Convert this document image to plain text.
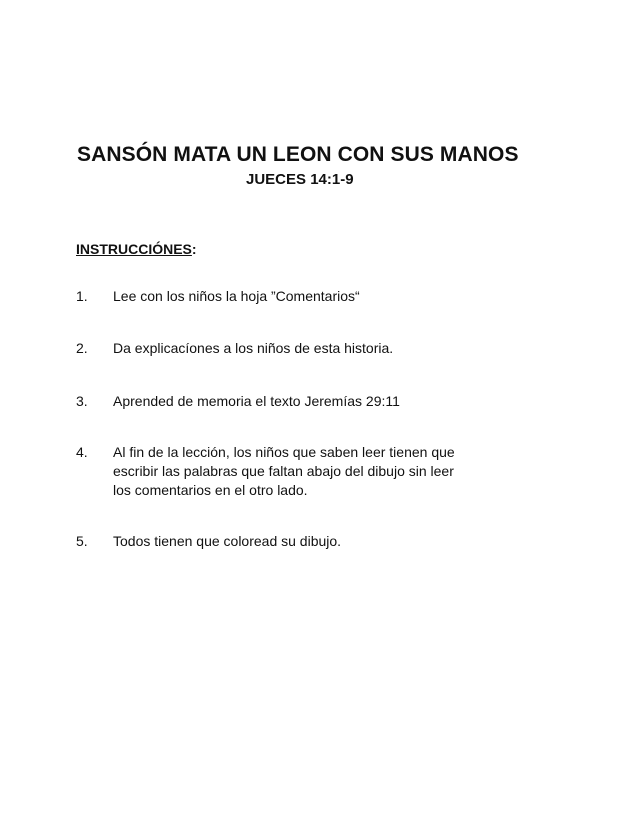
SANSÓN MATA UN LEON CON SUS MANOS
JUECES 14:1-9

INSTRUCCIÓNES:

1.	Lee con los niños la hoja ”Comentarios“
2.	Da explicacíones a los niños de esta historia.
3.	Aprended de memoria el texto Jeremías 29:11
4.	Al fin de la lección, los niños que saben leer tienen que
escribir las palabras que faltan abajo del dibujo sin leer
los comentarios en el otro lado.
5.	Todos tienen que coloread su dibujo.
